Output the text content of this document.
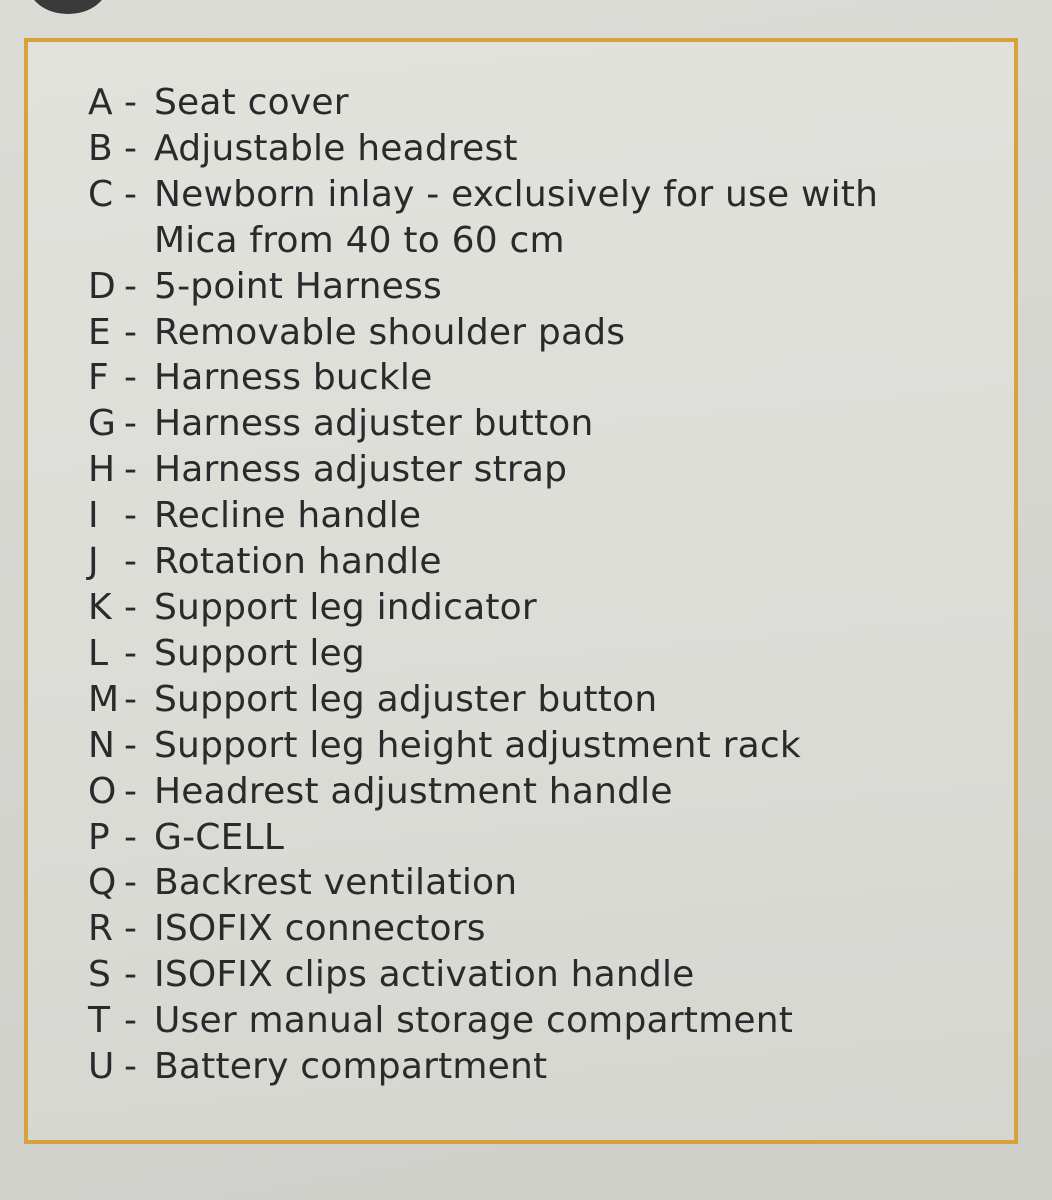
A - Seat cover
B - Adjustable headrest
C - Newborn inlay - exclusively for use with
Mica from 40 to 60 cm
D - 5-point Harness
E - Removable shoulder pads
F - Harness buckle
G - Harness adjuster button
H - Harness adjuster strap
I - Recline handle
J - Rotation handle
K - Support leg indicator
L - Support leg
M - Support leg adjuster button
N - Support leg height adjustment rack
O - Headrest adjustment handle
P - G-CELL
Q - Backrest ventilation
R - ISOFIX connectors
S - ISOFIX clips activation handle
T - User manual storage compartment
U - Battery compartment
